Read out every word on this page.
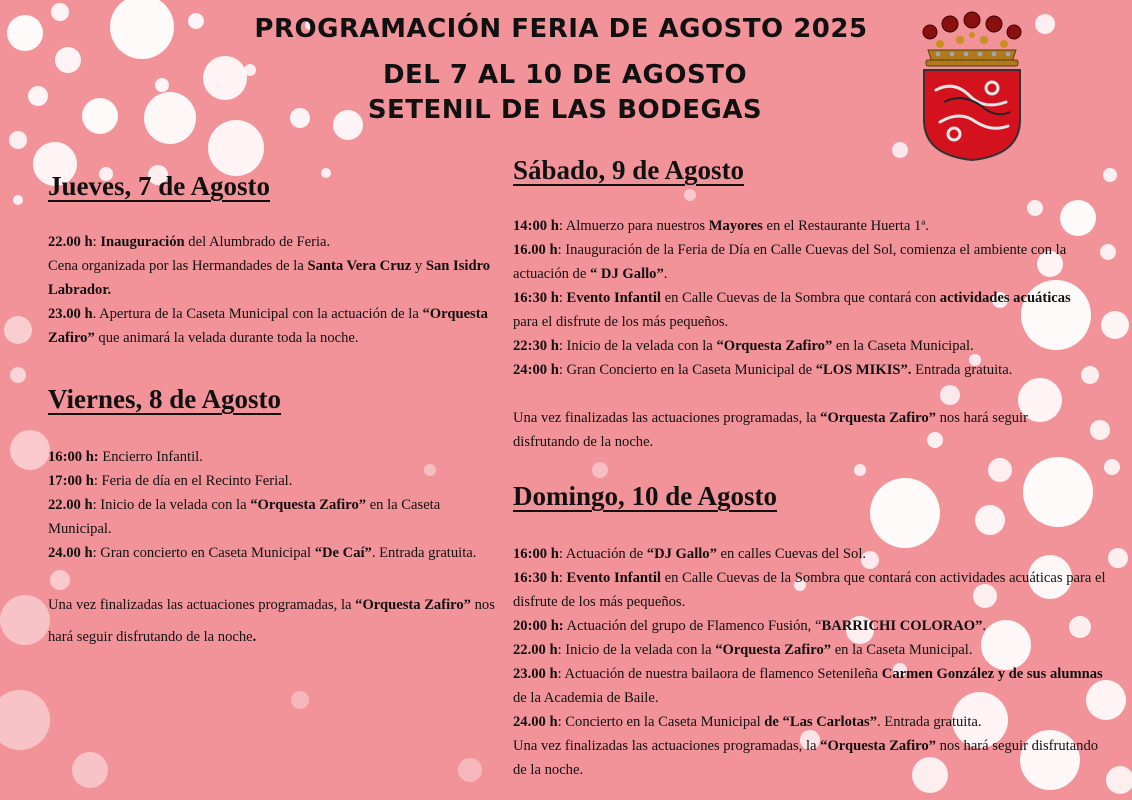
PROGRAMACIÓN FERIA DE AGOSTO 2025
DEL 7 AL 10 DE AGOSTO
SETENIL DE LAS BODEGAS
Jueves, 7 de Agosto

22.00 h: Inauguración del Alumbrado de Feria.

Cena organizada por las Hermandades de la Santa Vera Cruz y San Isidro Labrador.

23.00 h. Apertura de la Caseta Municipal con la actuación de la “Orquesta Zafiro” que animará la velada durante toda la noche.

Viernes, 8 de Agosto

16:00 h: Encierro Infantil.

17:00 h: Feria de día en el Recinto Ferial.

22.00 h: Inicio de la velada con la “Orquesta Zafiro” en la Caseta Municipal.

24.00 h: Gran concierto en Caseta Municipal “De Caí”. Entrada gratuita.

Una vez finalizadas las actuaciones programadas, la “Orquesta Zafiro” nos hará seguir disfrutando de la noche.

Sábado, 9 de Agosto

14:00 h: Almuerzo para nuestros Mayores en el Restaurante Huerta 1ª.

16.00 h: Inauguración de la Feria de Día en Calle Cuevas del Sol, comienza el ambiente con la actuación de “ DJ Gallo”.

16:30 h: Evento Infantil en Calle Cuevas de la Sombra que contará con actividades acuáticas para el disfrute de los más pequeños.

22:30 h: Inicio de la velada con la “Orquesta Zafiro” en la Caseta Municipal.

24:00 h: Gran Concierto en la Caseta Municipal de “LOS MIKIS”. Entrada gratuita.

Una vez finalizadas las actuaciones programadas, la “Orquesta Zafiro” nos hará seguir disfrutando de la noche.

Domingo, 10 de Agosto

16:00 h: Actuación de “DJ Gallo” en calles Cuevas del Sol.

16:30 h: Evento Infantil en Calle Cuevas de la Sombra que contará con actividades acuáticas para el disfrute de los más pequeños.

20:00 h: Actuación del grupo de Flamenco Fusión, “BARRICHI COLORAO”.

22.00 h: Inicio de la velada con la “Orquesta Zafiro” en la Caseta Municipal.

23.00 h: Actuación de nuestra bailaora de flamenco Setenileña Carmen González y de sus alumnas de la Academia de Baile.

24.00 h: Concierto en la Caseta Municipal de “Las Carlotas”. Entrada gratuita.

Una vez finalizadas las actuaciones programadas, la “Orquesta Zafiro” nos hará seguir disfrutando de la noche.
